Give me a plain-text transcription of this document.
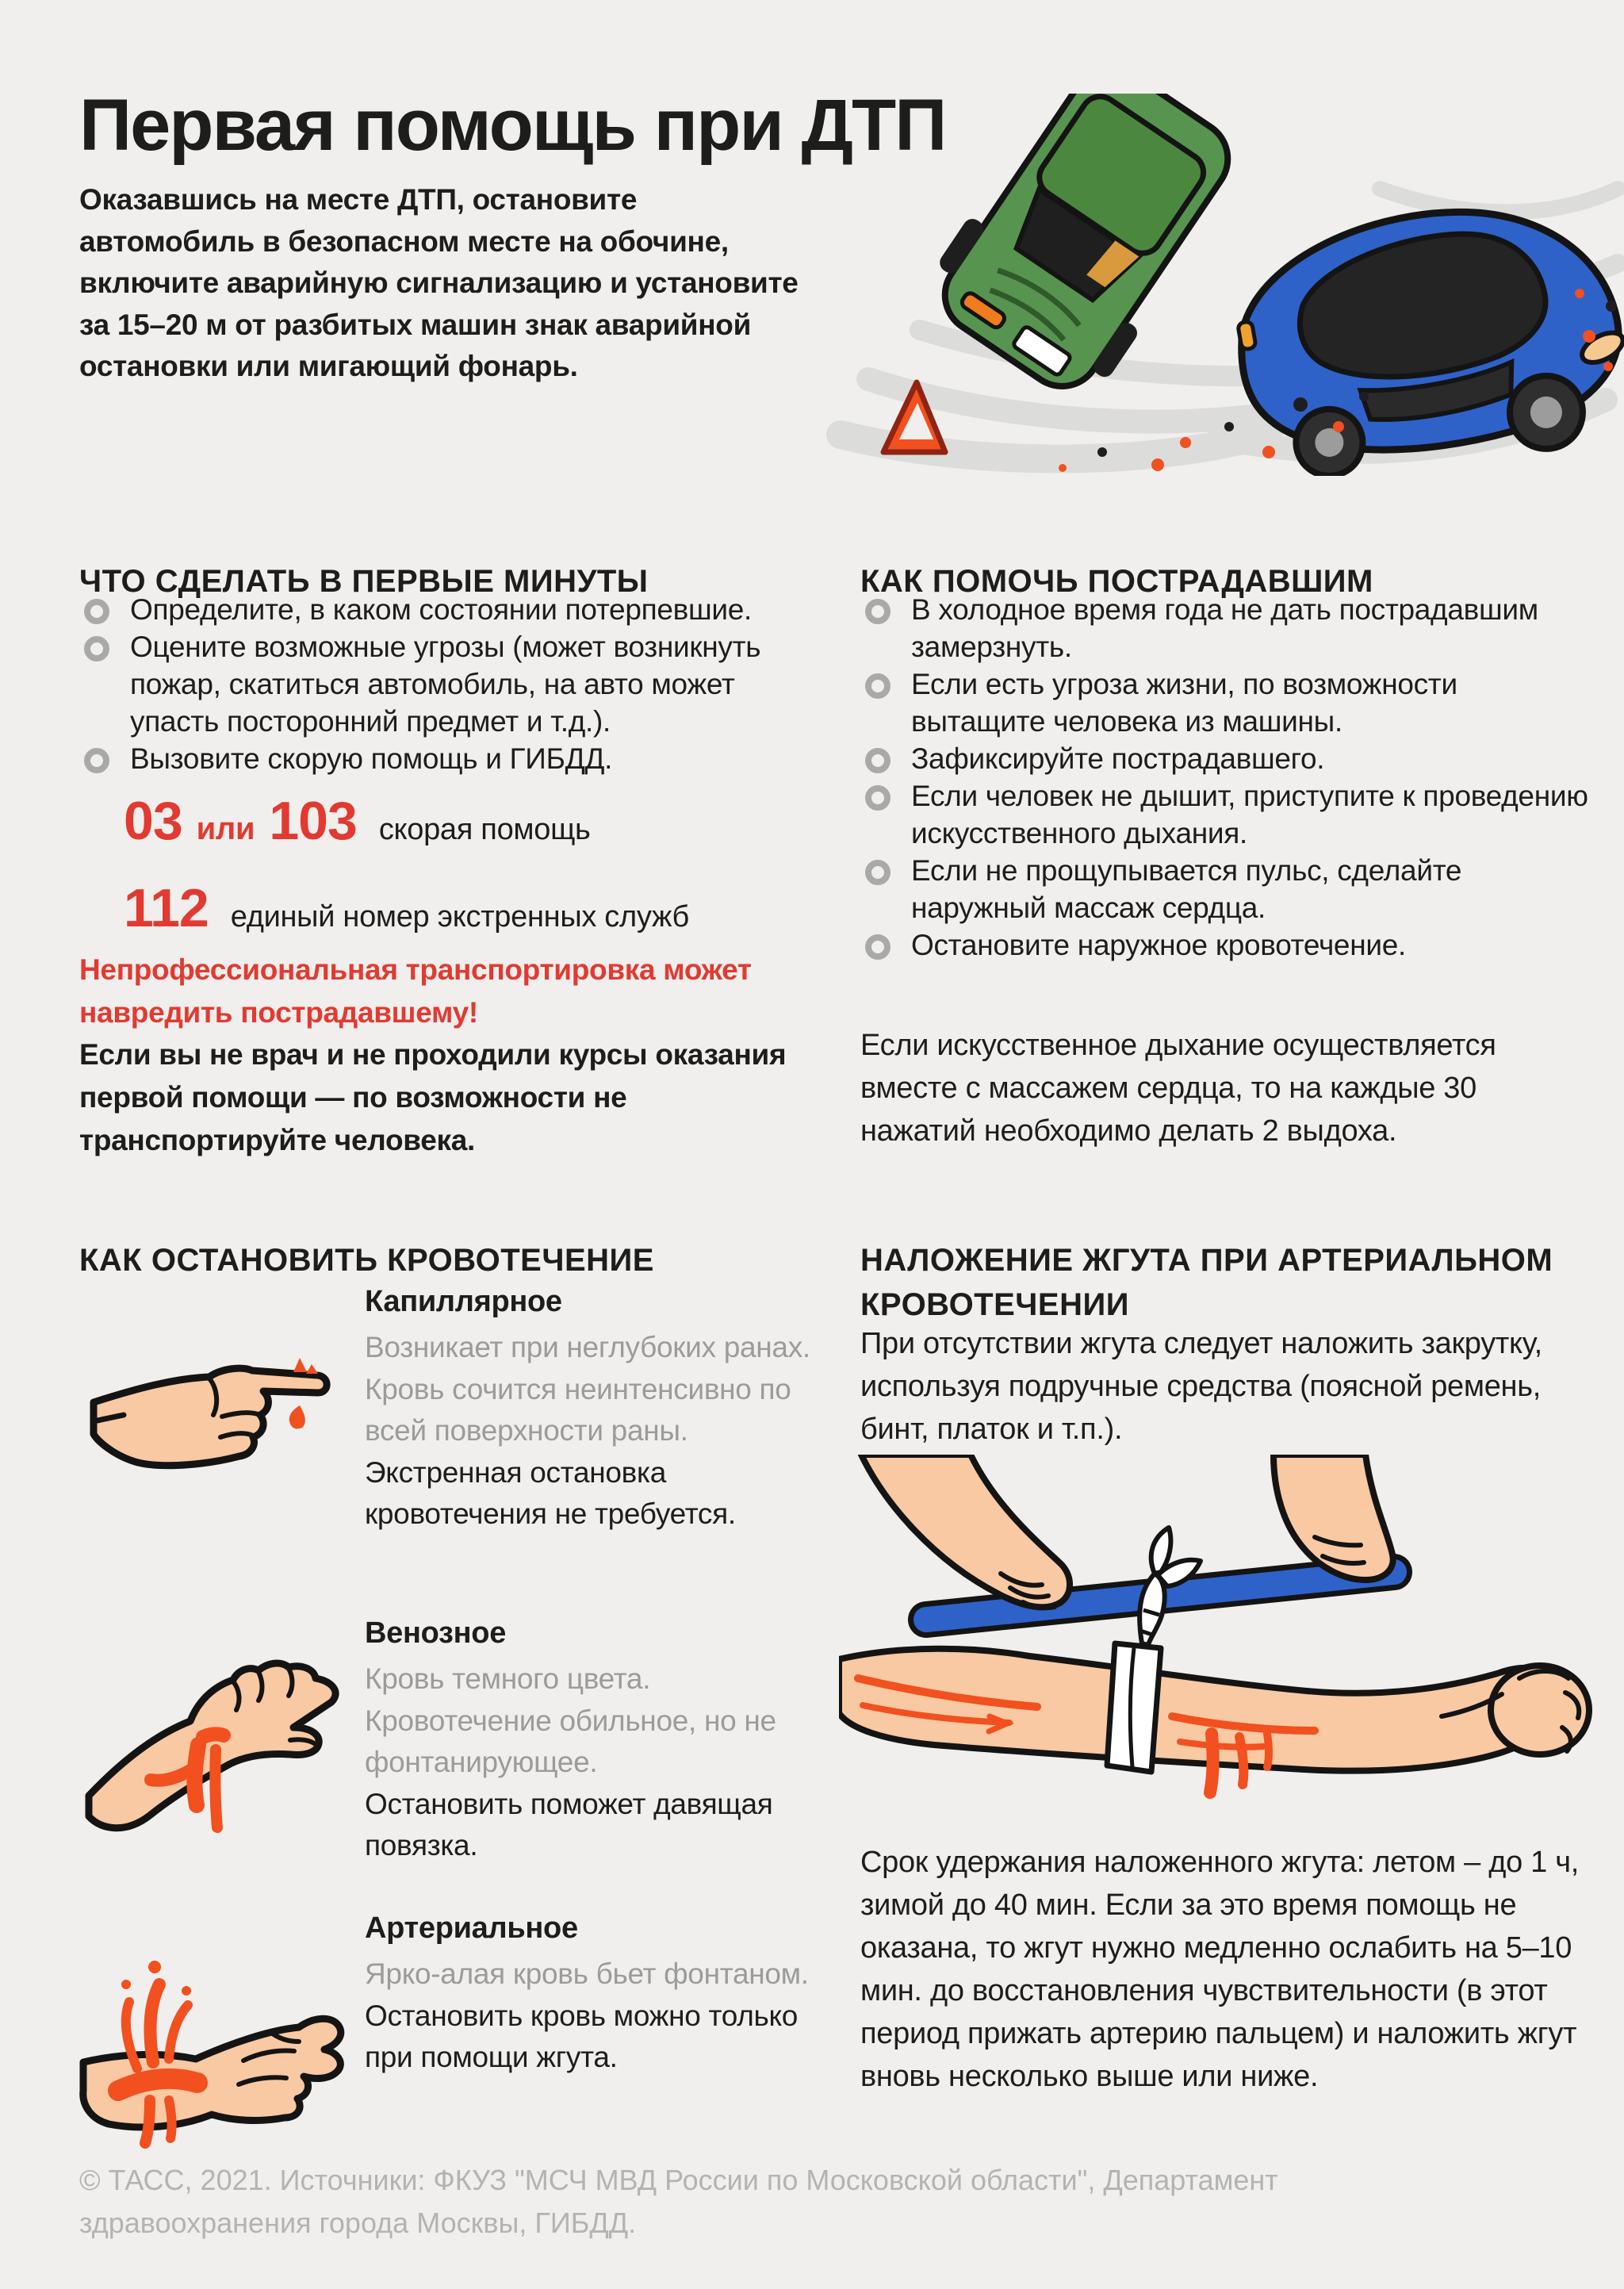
Первая помощь при ДТП

Оказавшись на месте ДТП, остановите автомобиль в безопасном месте на обочине, включите аварийную сигнализацию и установите за 15–20 м от разбитых машин знак аварийной остановки или мигающий фонарь.

ЧТО СДЕЛАТЬ В ПЕРВЫЕ МИНУТЫ
Определите, в каком состоянии потерпевшие.
Оцените возможные угрозы (может возникнуть пожар, скатиться автомобиль, на авто может упасть посторонний предмет и т.д.).
Вызовите скорую помощь и ГИБДД.
03 или 103 скорая помощь
112 единый номер экстренных служб

Непрофессиональная транспортировка может навредить пострадавшему!

Если вы не врач и не проходили курсы оказания первой помощи — по возможности не транспортируйте человека.

КАК ПОМОЧЬ ПОСТРАДАВШИМ
В холодное время года не дать пострадавшим замерзнуть.
Если есть угроза жизни, по возможности вытащите человека из машины.
Зафиксируйте пострадавшего.
Если человек не дышит, приступите к проведению искусственного дыхания.
Если не прощупывается пульс, сделайте наружный массаж сердца.
Остановите наружное кровотечение.

Если искусственное дыхание осуществляется вместе с массажем сердца, то на каждые 30 нажатий необходимо делать 2 выдоха.

КАК ОСТАНОВИТЬ КРОВОТЕЧЕНИЕ
Капиллярное

Возникает при неглубоких ранах. Кровь сочится неинтенсивно по всей поверхности раны.

Экстренная остановка кровотечения не требуется.

Венозное

Кровь темного цвета. Кровотечение обильное, но не фонтанирующее.

Остановить поможет давящая повязка.

Артериальное

Ярко-алая кровь бьет фонтаном.

Остановить кровь можно только при помощи жгута.

НАЛОЖЕНИЕ ЖГУТА ПРИ АРТЕРИАЛЬНОМ КРОВОТЕЧЕНИИ

При отсутствии жгута следует наложить закрутку, используя подручные средства (поясной ремень, бинт, платок и т.п.).

Срок удержания наложенного жгута: летом – до 1 ч, зимой до 40 мин. Если за это время помощь не оказана, то жгут нужно медленно ослабить на 5–10 мин. до восстановления чувствительности (в этот период прижать артерию пальцем) и наложить жгут вновь несколько выше или ниже.

© ТАСС, 2021. Источники: ФКУЗ "МСЧ МВД России по Московской области", Департамент здравоохранения города Москвы, ГИБДД.
